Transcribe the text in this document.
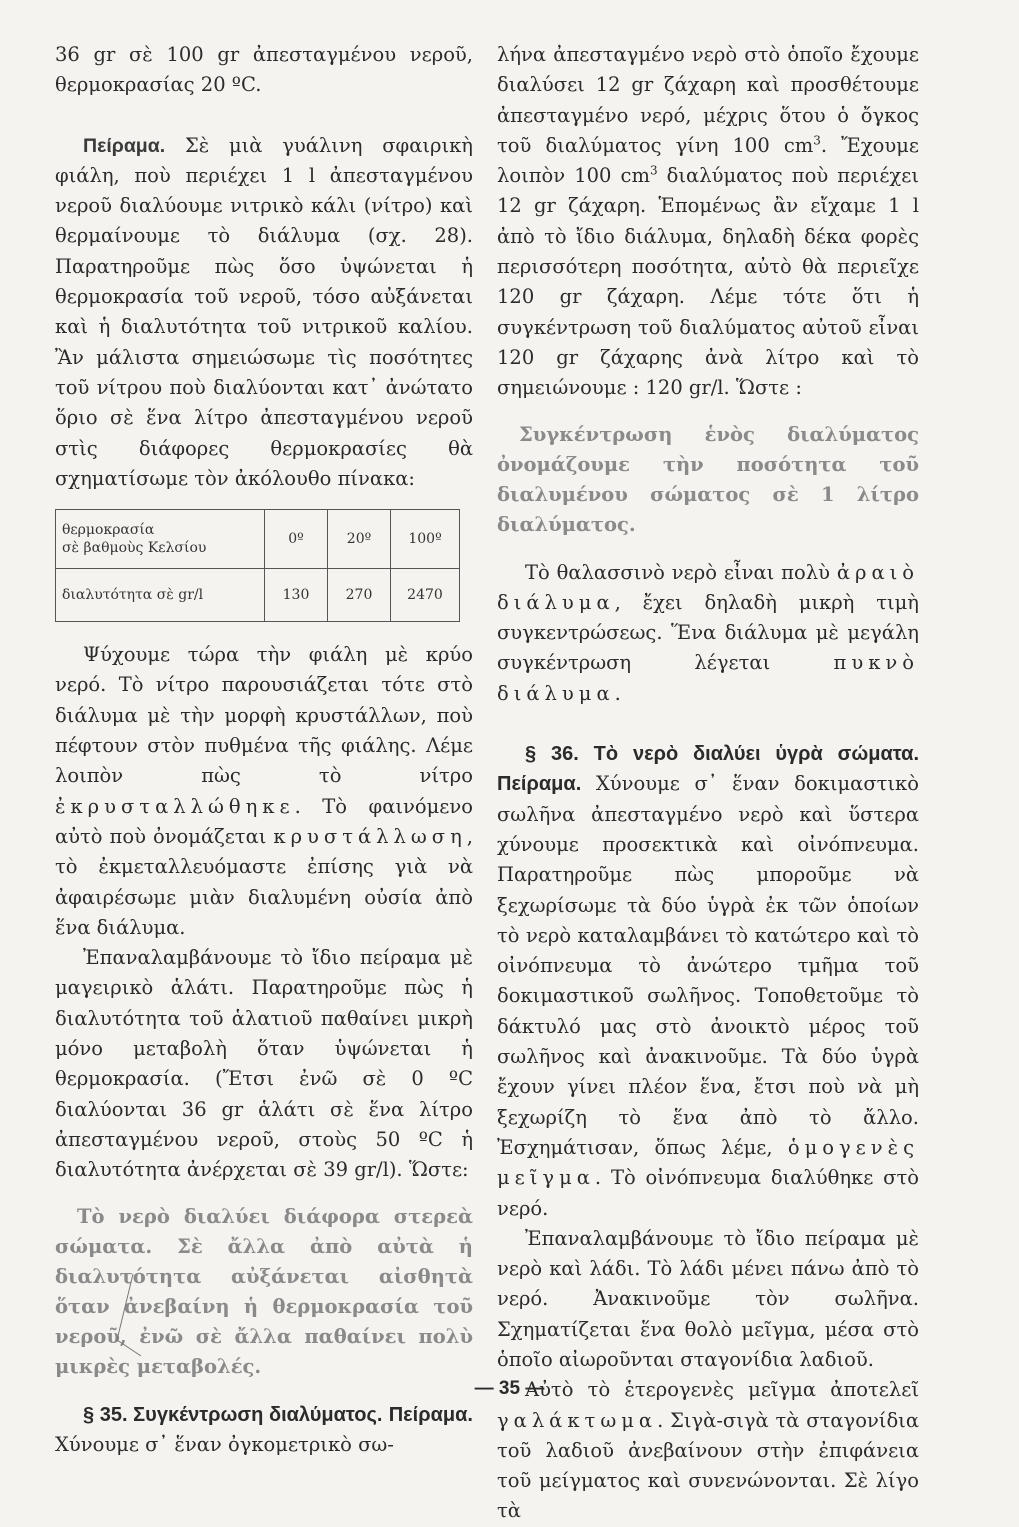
36 gr σὲ 100 gr ἀπεσταγμένου νεροῦ, θερμοκρασίας 20 ºC.

Πείραμα. Σὲ μιὰ γυάλινη σφαιρικὴ φιάλη, ποὺ περιέχει 1 l ἀπεσταγμένου νεροῦ διαλύουμε νιτρικὸ κάλι (νίτρο) καὶ θερμαίνουμε τὸ διάλυμα (σχ. 28). Παρατηροῦμε πὼς ὅσο ὑψώνεται ἡ θερμοκρασία τοῦ νεροῦ, τόσο αὐξάνεται καὶ ἡ διαλυτότητα τοῦ νιτρικοῦ καλίου. Ἂν μάλιστα σημειώσωμε τὶς ποσότητες τοῦ νίτρου ποὺ διαλύονται κατ᾽ ἀνώτατο ὅριο σὲ ἕνα λίτρο ἀπεσταγμένου νεροῦ στὶς διάφορες θερμοκρασίες θὰ σχηματίσωμε τὸν ἀκόλουθο πίνακα:

θερμοκρασία
σὲ βαθμοὺς Κελσίου	0º	20º	100º
διαλυτότητα σὲ gr/l	130	270	2470

Ψύχουμε τώρα τὴν φιάλη μὲ κρύο νερό. Τὸ νίτρο παρουσιάζεται τότε στὸ διάλυμα μὲ τὴν μορφὴ κρυστάλλων, ποὺ πέφτουν στὸν πυθμένα τῆς φιάλης. Λέμε λοιπὸν πὼς τὸ νίτρο ἐκρυσταλλώθηκε. Τὸ φαινόμενο αὐτὸ ποὺ ὀνομάζεται κρυστάλλωση, τὸ ἐκμεταλλευόμαστε ἐπίσης γιὰ νὰ ἀφαιρέσωμε μιὰν διαλυμένη οὐσία ἀπὸ ἕνα διάλυμα.

Ἐπαναλαμβάνουμε τὸ ἴδιο πείραμα μὲ μαγειρικὸ ἁλάτι. Παρατηροῦμε πὼς ἡ διαλυτότητα τοῦ ἁλατιοῦ παθαίνει μικρὴ μόνο μεταβολὴ ὅταν ὑψώνεται ἡ θερμοκρασία. (Ἔτσι ἐνῶ σὲ 0 ºC διαλύονται 36 gr ἁλάτι σὲ ἕνα λίτρο ἀπεσταγμένου νεροῦ, στοὺς 50 ºC ἡ διαλυτότητα ἀνέρχεται σὲ 39 gr/l). Ὥστε:

Τὸ νερὸ διαλύει διάφορα στερεὰ σώματα. Σὲ ἄλλα ἀπὸ αὐτὰ ἡ διαλυτότητα αὐξάνεται αἰσθητὰ ὅταν ἀνεβαίνη ἡ θερμοκρασία τοῦ νεροῦ, ἐνῶ σὲ ἄλλα παθαίνει πολὺ μικρὲς μεταβολές.

§ 35. Συγκέντρωση διαλύματος. Πείραμα. Χύνουμε σ᾽ ἕναν ὀγκομετρικὸ σω-

λήνα ἀπεσταγμένο νερὸ στὸ ὁποῖο ἔχουμε διαλύσει 12 gr ζάχαρη καὶ προσθέτουμε ἀπεσταγμένο νερό, μέχρις ὅτου ὁ ὄγκος τοῦ διαλύματος γίνη 100 $cm^3$. Ἔχουμε λοιπὸν 100 $cm^3$ διαλύματος ποὺ περιέχει 12 gr ζάχαρη. Ἑπομένως ἂν εἴχαμε 1 l ἀπὸ τὸ ἴδιο διάλυμα, δηλαδὴ δέκα φορὲς περισσότερη ποσότητα, αὐτὸ θὰ περιεῖχε 120 gr ζάχαρη. Λέμε τότε ὅτι ἡ συγκέντρωση τοῦ διαλύματος αὐτοῦ εἶναι 120 gr ζάχαρης ἀνὰ λίτρο καὶ τὸ σημειώνουμε : 120 gr/l. Ὥστε :

Συγκέντρωση ἑνὸς διαλύματος ὀνομάζουμε τὴν ποσότητα τοῦ διαλυμένου σώματος σὲ 1 λίτρο διαλύματος.

Τὸ θαλασσινὸ νερὸ εἶναι πολὺ ἀραιὸ διάλυμα, ἔχει δηλαδὴ μικρὴ τιμὴ συγκεντρώσεως. Ἕνα διάλυμα μὲ μεγάλη συγκέντρωση λέγεται	πυκνὸ διάλυμα.

§ 36. Τὸ νερὸ διαλύει ὑγρὰ σώματα. Πείραμα. Χύνουμε σ᾽ ἕναν δοκιμαστικὸ σωλῆνα ἀπεσταγμένο νερὸ καὶ ὕστερα χύνουμε προσεκτικὰ καὶ οἰνόπνευμα. Παρατηροῦμε πὼς μποροῦμε νὰ ξεχωρίσωμε τὰ δύο ὑγρὰ ἐκ τῶν ὁποίων τὸ νερὸ καταλαμβάνει τὸ κατώτερο καὶ τὸ οἰνόπνευμα τὸ ἀνώτερο τμῆμα τοῦ δοκιμαστικοῦ σωλῆνος. Τοποθετοῦμε τὸ δάκτυλό μας στὸ ἀνοικτὸ μέρος τοῦ σωλῆνος καὶ ἀνακινοῦμε. Τὰ δύο ὑγρὰ ἔχουν γίνει πλέον ἕνα, ἔτσι ποὺ νὰ μὴ ξεχωρίζη τὸ ἕνα ἀπὸ τὸ ἄλλο. Ἐσχημάτισαν, ὅπως λέμε, ὁμογενὲς μεῖγμα. Τὸ οἰνόπνευμα διαλύθηκε στὸ νερό.

Ἐπαναλαμβάνουμε τὸ ἴδιο πείραμα μὲ νερὸ καὶ λάδι. Τὸ λάδι μένει πάνω ἀπὸ τὸ νερό. Ἀνακινοῦμε τὸν σωλῆνα. Σχηματίζεται ἕνα θολὸ μεῖγμα, μέσα στὸ ὁποῖο αἰωροῦνται σταγονίδια λαδιοῦ.

Αὐτὸ τὸ ἑτερογενὲς μεῖγμα ἀποτελεῖ γαλάκτωμα. Σιγὰ-σιγὰ τὰ σταγονίδια τοῦ λαδιοῦ ἀνεβαίνουν στὴν ἐπιφάνεια τοῦ μείγματος καὶ συνενώνονται. Σὲ λίγο τὰ

— 35 —
